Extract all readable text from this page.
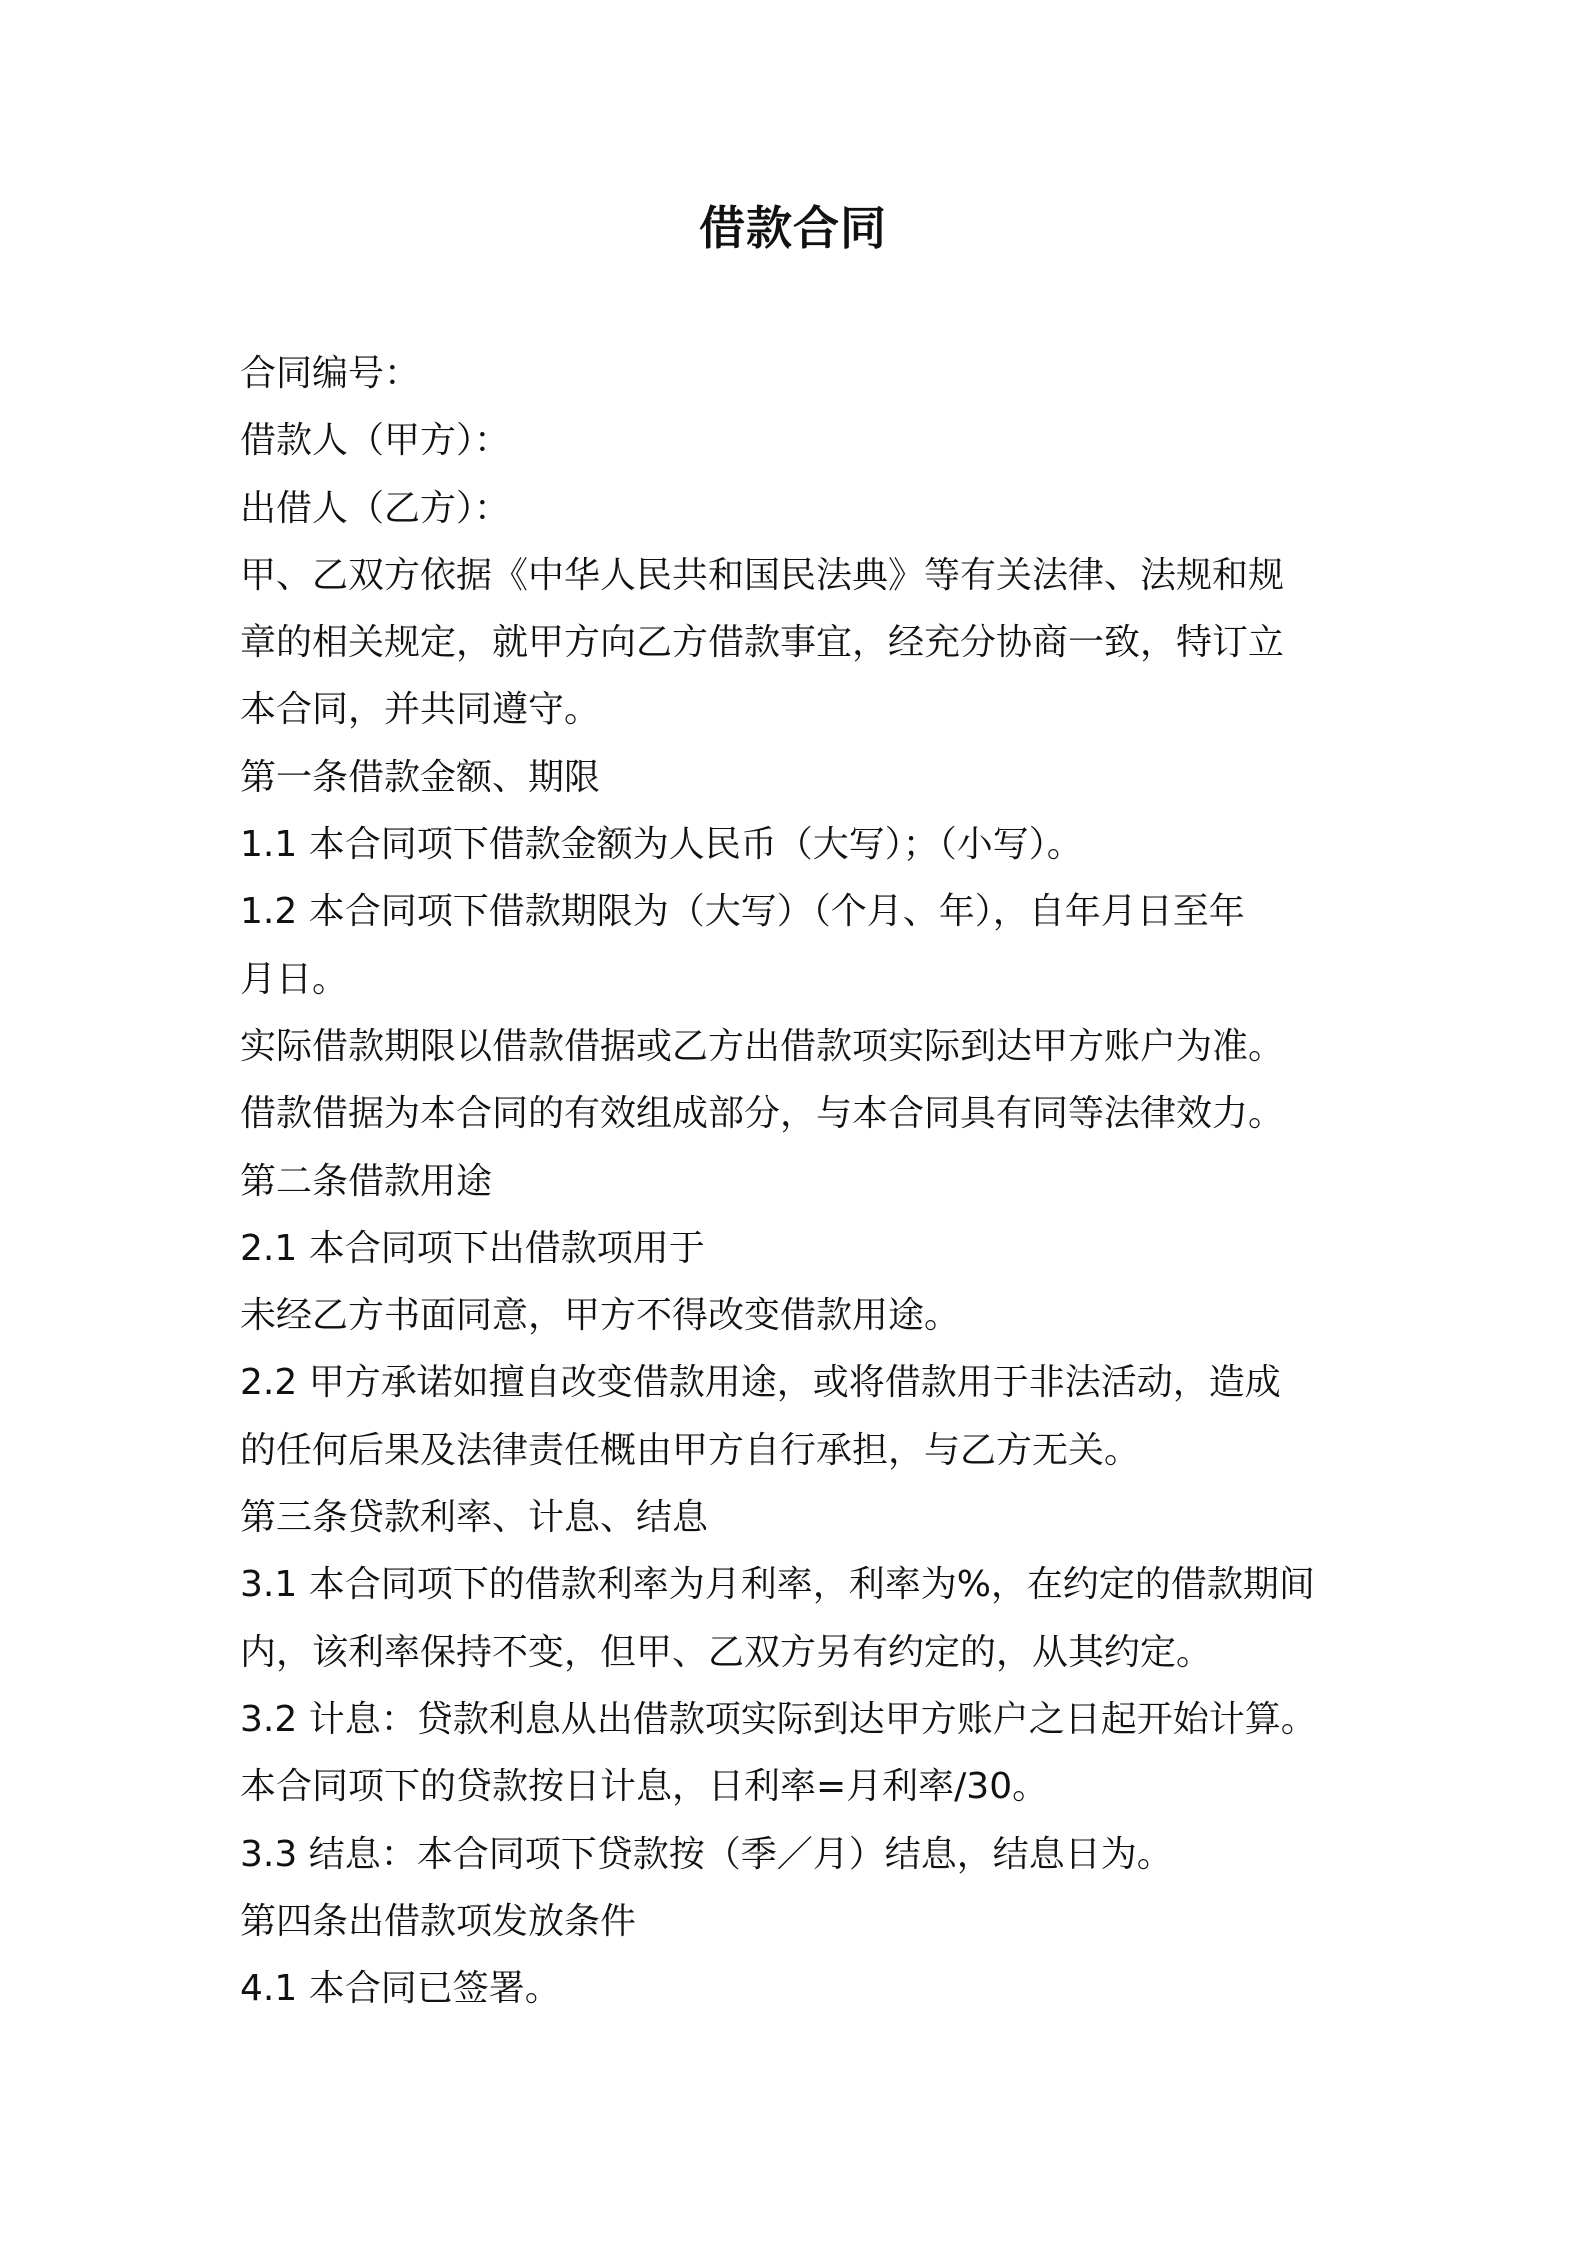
借款合同
合同编号：
借款人（甲方）：
出借人（乙方）：
甲、乙双方依据《中华人民共和国民法典》等有关法律、法规和规
章的相关规定，就甲方向乙方借款事宜，经充分协商一致，特订立
本合同，并共同遵守。
第一条借款金额、期限
1.1 本合同项下借款金额为人民币（大写）；（小写）。
1.2 本合同项下借款期限为（大写）（个月、年），自年月日至年
月日。
实际借款期限以借款借据或乙方出借款项实际到达甲方账户为准。
借款借据为本合同的有效组成部分，与本合同具有同等法律效力。
第二条借款用途
2.1 本合同项下出借款项用于
未经乙方书面同意，甲方不得改变借款用途。
2.2 甲方承诺如擅自改变借款用途，或将借款用于非法活动，造成
的任何后果及法律责任概由甲方自行承担，与乙方无关。
第三条贷款利率、计息、结息
3.1 本合同项下的借款利率为月利率，利率为%，在约定的借款期间
内，该利率保持不变，但甲、乙双方另有约定的，从其约定。
3.2 计息：贷款利息从出借款项实际到达甲方账户之日起开始计算。
本合同项下的贷款按日计息，日利率=月利率/30。
3.3 结息：本合同项下贷款按（季／月）结息，结息日为。
第四条出借款项发放条件
4.1 本合同已签署。
